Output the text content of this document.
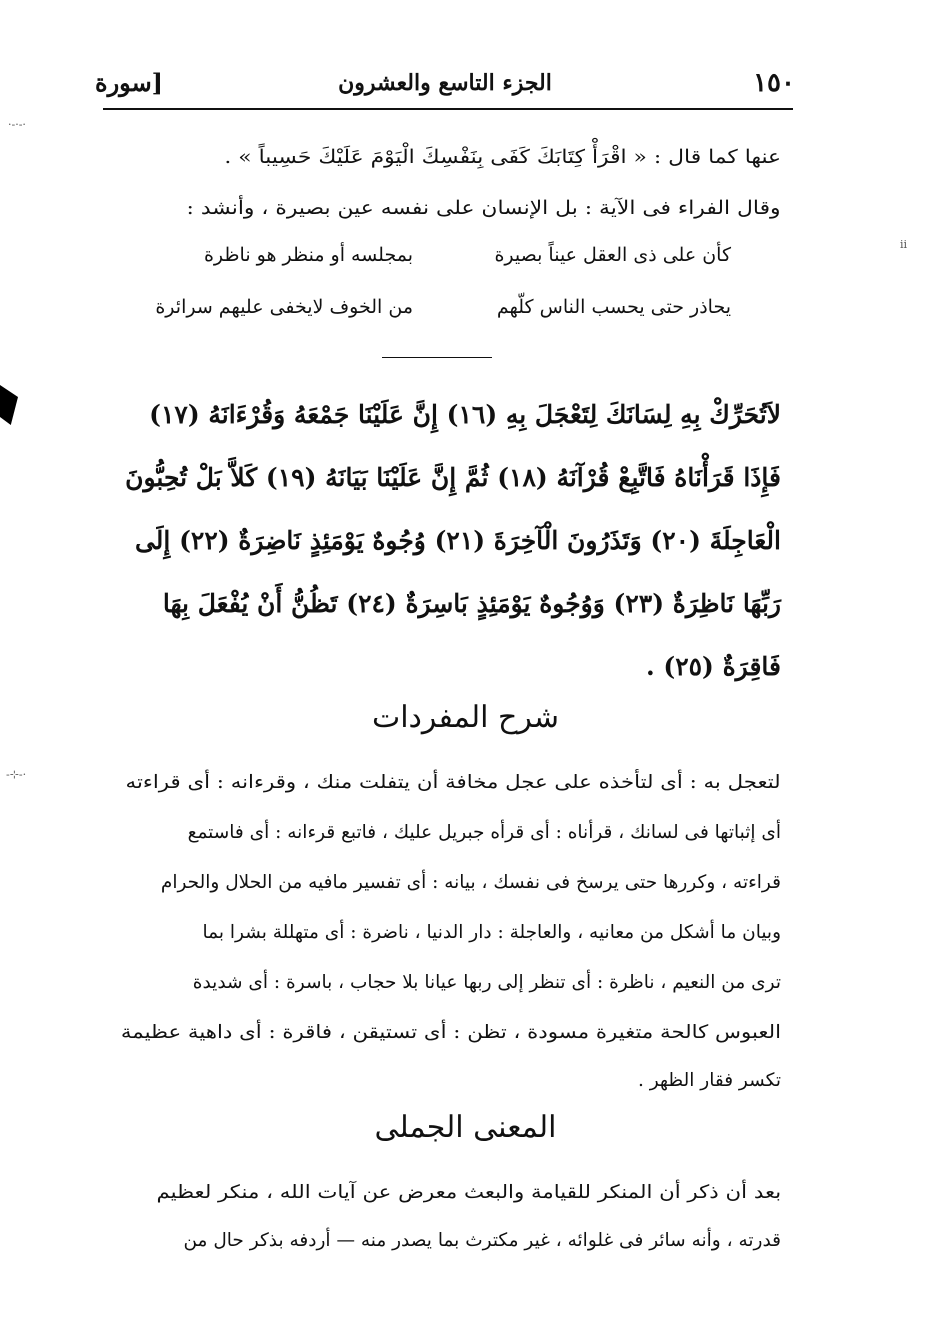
·-·-·
ⅱ
-⊹-·
١٥٠
الجزء التاسع والعشرون
[سورة
عنها كما قال : « اقْرَأْ كِتَابَكَ كَفَى بِنَفْسِكَ الْيَوْمَ عَلَيْكَ حَسِيباً » .
وقال الفراء فى الآية : بل الإنسان على نفسه عين بصيرة ، وأنشد :
كأن على ذى العقل عيناً بصيرة
بمجلسه أو منظر هو ناظرة
يحاذر حتى يحسب الناس كلّهم
من الخوف لايخفى عليهم سرائرة
لاَتُحَرِّكْ بِهِ لِسَانَكَ لِتَعْجَلَ بِهِ (١٦) إِنَّ عَلَيْنَا جَمْعَهُ وَقُرْءَانَهُ (١٧)
فَإِذَا قَرَأْنَاهُ فَاتَّبِعْ قُرْآنَهُ (١٨) ثُمَّ إِنَّ عَلَيْنَا بَيَانَهُ (١٩) كَلاَّ بَلْ تُحِبُّونَ
الْعَاجِلَةَ (٢٠) وَتَذَرُونَ الْآخِرَةَ (٢١) وُجُوهٌ يَوْمَئِذٍ نَاضِرَةٌ (٢٢) إِلَى
رَبِّهَا نَاظِرَةٌ (٢٣) وَوُجُوهٌ يَوْمَئِذٍ بَاسِرَةٌ (٢٤) تَظُنُّ أَنْ يُفْعَلَ بِهَا
فَاقِرَةٌ (٢٥) .
شرح المفردات
لتعجل به : أى لتأخذه على عجل مخافة أن يتفلت منك ، وقرءانه : أى قراءته
أى إثباتها فى لسانك ، قرأناه : أى قرأه جبريل عليك ، فاتبع قرءانه : أى فاستمع
قراءته ، وكررها حتى يرسخ فى نفسك ، بيانه : أى تفسير مافيه من الحلال والحرام
وبيان ما أشكل من معانيه ، والعاجلة : دار الدنيا ، ناضرة : أى متهللة بشرا بما
ترى من النعيم ، ناظرة : أى تنظر إلى ربها عيانا بلا حجاب ، باسرة : أى شديدة
العبوس كالحة متغيرة مسودة ، تظن : أى تستيقن ، فاقرة : أى داهية عظيمة
تكسر فقار الظهر .
المعنى الجملى
بعد أن ذكر أن المنكر للقيامة والبعث معرض عن آيات الله ، منكر لعظيم
قدرته ، وأنه سائر فى غلوائه ، غير مكترث بما يصدر منه — أردفه بذكر حال من
